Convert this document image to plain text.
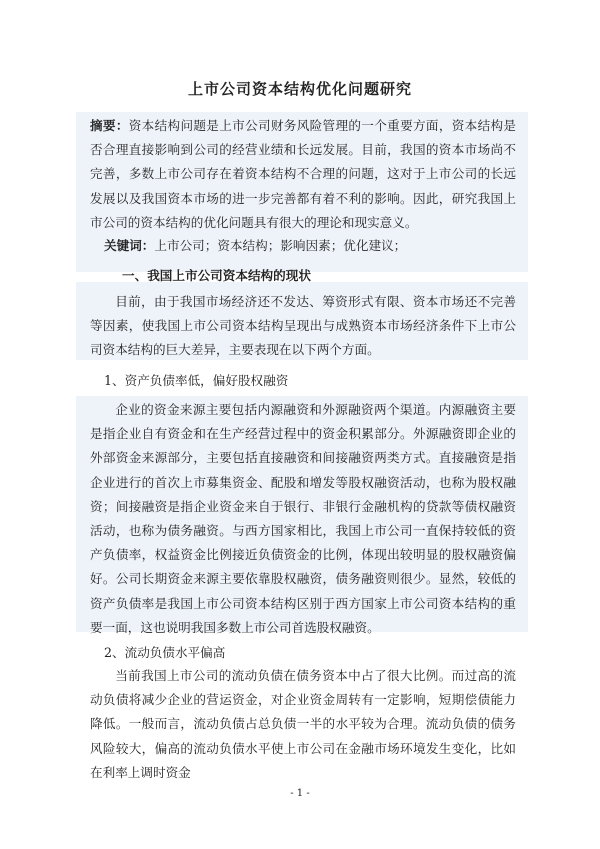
上市公司资本结构优化问题研究
摘要：资本结构问题是上市公司财务风险管理的一个重要方面，资本结构是否合理直接影响到公司的经营业绩和长远发展。目前，我国的资本市场尚不完善，多数上市公司存在着资本结构不合理的问题，这对于上市公司的长远发展以及我国资本市场的进一步完善都有着不利的影响。因此，研究我国上市公司的资本结构的优化问题具有很大的理论和现实意义。
关键词：上市公司；资本结构；影响因素；优化建议；
一、我国上市公司资本结构的现状
目前，由于我国市场经济还不发达、筹资形式有限、资本市场还不完善等因素，使我国上市公司资本结构呈现出与成熟资本市场经济条件下上市公司资本结构的巨大差异，主要表现在以下两个方面。
1、资产负债率低，偏好股权融资
企业的资金来源主要包括内源融资和外源融资两个渠道。内源融资主要是指企业自有资金和在生产经营过程中的资金积累部分。外源融资即企业的外部资金来源部分，主要包括直接融资和间接融资两类方式。直接融资是指企业进行的首次上市募集资金、配股和增发等股权融资活动，也称为股权融资；间接融资是指企业资金来自于银行、非银行金融机构的贷款等债权融资活动，也称为债务融资。与西方国家相比，我国上市公司一直保持较低的资产负债率，权益资金比例接近负债资金的比例，体现出较明显的股权融资偏好。公司长期资金来源主要依靠股权融资，债务融资则很少。显然，较低的资产负债率是我国上市公司资本结构区别于西方国家上市公司资本结构的重要一面，这也说明我国多数上市公司首选股权融资。
2、流动负债水平偏高
当前我国上市公司的流动负债在债务资本中占了很大比例。而过高的流动负债将减少企业的营运资金，对企业资金周转有一定影响，短期偿债能力降低。一般而言，流动负债占总负债一半的水平较为合理。流动负债的债务风险较大，偏高的流动负债水平使上市公司在金融市场环境发生变化，比如在利率上调时资金
- 1 -
